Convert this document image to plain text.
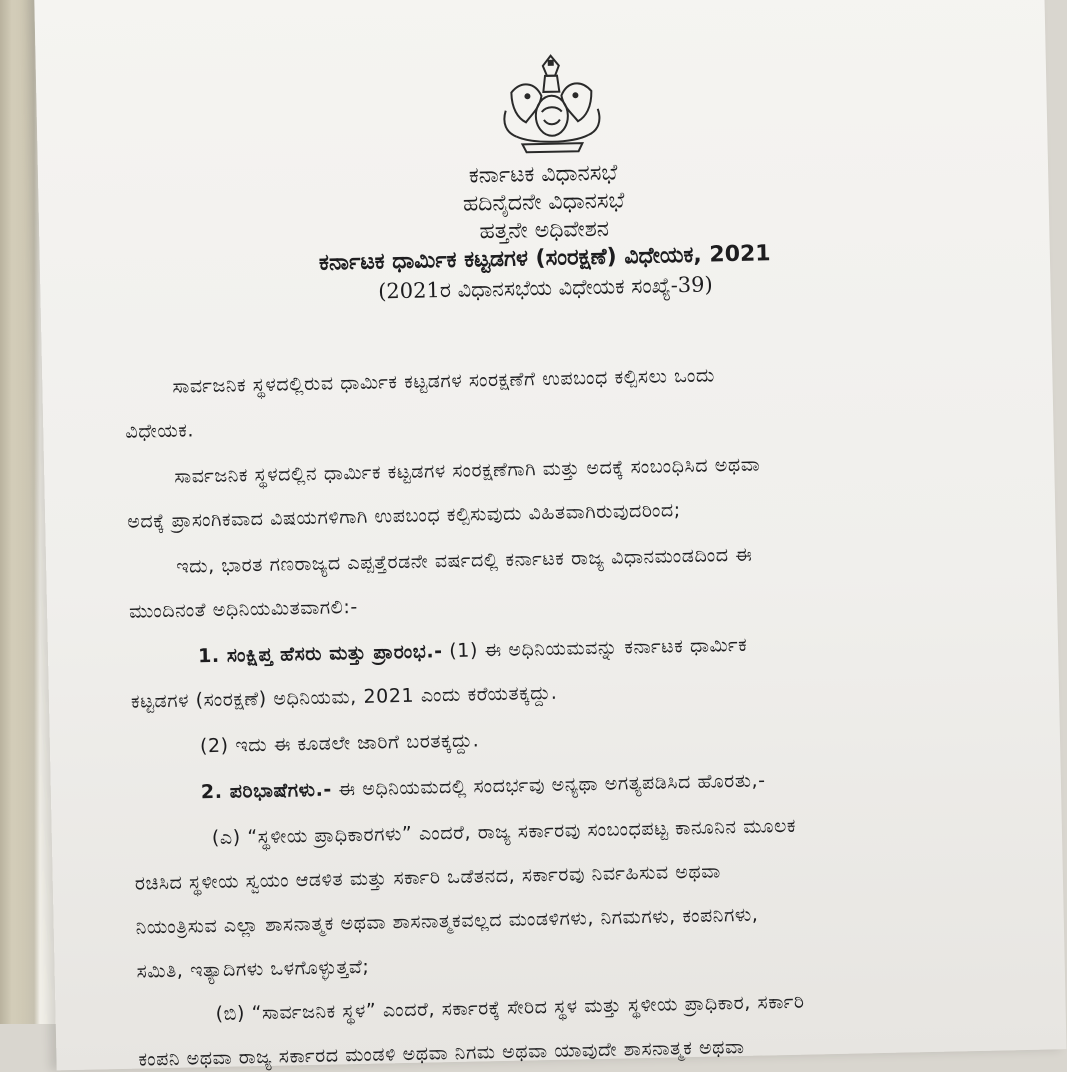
ಕರ್ನಾಟಕ ವಿಧಾನಸಭೆ
ಹದಿನೈದನೇ ವಿಧಾನಸಭೆ
ಹತ್ತನೇ ಅಧಿವೇಶನ
ಕರ್ನಾಟಕ ಧಾರ್ಮಿಕ ಕಟ್ಟಡಗಳ (ಸಂರಕ್ಷಣೆ) ವಿಧೇಯಕ, 2021
(2021ರ ವಿಧಾನಸಭೆಯ ವಿಧೇಯಕ ಸಂಖ್ಯೆ-39)
ಸಾರ್ವಜನಿಕ ಸ್ಥಳದಲ್ಲಿರುವ ಧಾರ್ಮಿಕ ಕಟ್ಟಡಗಳ ಸಂರಕ್ಷಣೆಗೆ ಉಪಬಂಧ ಕಲ್ಪಿಸಲು ಒಂದು
ವಿಧೇಯಕ.
ಸಾರ್ವಜನಿಕ ಸ್ಥಳದಲ್ಲಿನ ಧಾರ್ಮಿಕ ಕಟ್ಟಡಗಳ ಸಂರಕ್ಷಣೆಗಾಗಿ ಮತ್ತು ಅದಕ್ಕೆ ಸಂಬಂಧಿಸಿದ ಅಥವಾ
ಅದಕ್ಕೆ ಪ್ರಾಸಂಗಿಕವಾದ ವಿಷಯಗಳಿಗಾಗಿ ಉಪಬಂಧ ಕಲ್ಪಿಸುವುದು ವಿಹಿತವಾಗಿರುವುದರಿಂದ;
ಇದು, ಭಾರತ ಗಣರಾಜ್ಯದ ಎಪ್ಪತ್ತೆರಡನೇ ವರ್ಷದಲ್ಲಿ ಕರ್ನಾಟಕ ರಾಜ್ಯ ವಿಧಾನಮಂಡದಿಂದ ಈ
ಮುಂದಿನಂತೆ ಅಧಿನಿಯಮಿತವಾಗಲಿ:-
1. ಸಂಕ್ಷಿಪ್ತ ಹೆಸರು ಮತ್ತು ಪ್ರಾರಂಭ.- (1) ಈ ಅಧಿನಿಯಮವನ್ನು ಕರ್ನಾಟಕ ಧಾರ್ಮಿಕ
ಕಟ್ಟಡಗಳ (ಸಂರಕ್ಷಣೆ) ಅಧಿನಿಯಮ, 2021 ಎಂದು ಕರೆಯತಕ್ಕದ್ದು.
(2) ಇದು ಈ ಕೂಡಲೇ ಜಾರಿಗೆ ಬರತಕ್ಕದ್ದು.
2. ಪರಿಭಾಷೆಗಳು.- ಈ ಅಧಿನಿಯಮದಲ್ಲಿ ಸಂದರ್ಭವು ಅನ್ಯಥಾ ಅಗತ್ಯಪಡಿಸಿದ ಹೊರತು,-
(ಎ) “ಸ್ಥಳೀಯ ಪ್ರಾಧಿಕಾರಗಳು” ಎಂದರೆ, ರಾಜ್ಯ ಸರ್ಕಾರವು ಸಂಬಂಧಪಟ್ಟ ಕಾನೂನಿನ ಮೂಲಕ
ರಚಿಸಿದ ಸ್ಥಳೀಯ ಸ್ವಯಂ ಆಡಳಿತ ಮತ್ತು ಸರ್ಕಾರಿ ಒಡೆತನದ, ಸರ್ಕಾರವು ನಿರ್ವಹಿಸುವ ಅಥವಾ
ನಿಯಂತ್ರಿಸುವ ಎಲ್ಲಾ ಶಾಸನಾತ್ಮಕ ಅಥವಾ ಶಾಸನಾತ್ಮಕವಲ್ಲದ ಮಂಡಳಿಗಳು, ನಿಗಮಗಳು, ಕಂಪನಿಗಳು,
ಸಮಿತಿ, ಇತ್ಯಾದಿಗಳು ಒಳಗೊಳ್ಳುತ್ತವೆ;
(ಬಿ) “ಸಾರ್ವಜನಿಕ ಸ್ಥಳ” ಎಂದರೆ, ಸರ್ಕಾರಕ್ಕೆ ಸೇರಿದ ಸ್ಥಳ ಮತ್ತು ಸ್ಥಳೀಯ ಪ್ರಾಧಿಕಾರ, ಸರ್ಕಾರಿ
ಕಂಪನಿ ಅಥವಾ ರಾಜ್ಯ ಸರ್ಕಾರದ ಮಂಡಳಿ ಅಥವಾ ನಿಗಮ ಅಥವಾ ಯಾವುದೇ ಶಾಸನಾತ್ಮಕ ಅಥವಾ
